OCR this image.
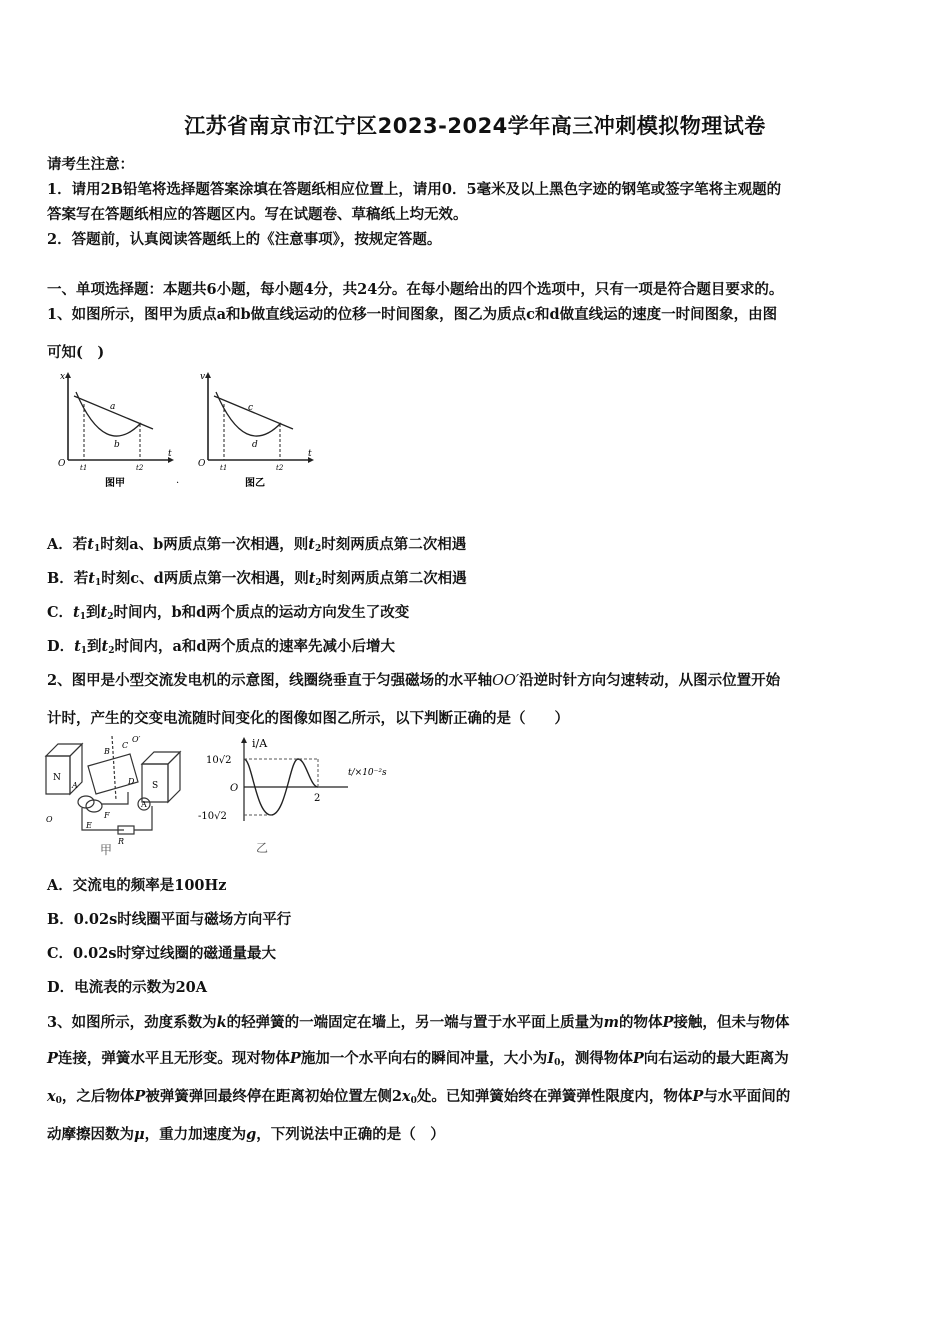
江苏省南京市江宁区2023-2024学年高三冲刺模拟物理试卷
请考生注意：
1．请用2B铅笔将选择题答案涂填在答题纸相应位置上，请用0．5毫米及以上黑色字迹的钢笔或签字笔将主观题的
答案写在答题纸相应的答题区内。写在试题卷、草稿纸上均无效。
2．答题前，认真阅读答题纸上的《注意事项》，按规定答题。
一、单项选择题：本题共6小题，每小题4分，共24分。在每小题给出的四个选项中，只有一项是符合题目要求的。
1、如图所示，图甲为质点a和b做直线运动的位移一时间图象，图乙为质点c和d做直线运的速度一时间图象，由图
可知(　)
x
t
O t1	t2
a
b
图甲
v
t
O t1	t2
c
d
图乙
·
A．若$t_1$时刻a、b两质点第一次相遇，则$t_2$时刻两质点第二次相遇
B．若$t_1$时刻c、d两质点第一次相遇，则$t_2$时刻两质点第二次相遇
C．$t_1$到$t_2$时间内，b和d两个质点的运动方向发生了改变
D．$t_1$到$t_2$时间内，a和d两个质点的速率先减小后增大
2、图甲是小型交流发电机的示意图，线圈绕垂直于匀强磁场的水平轴OO′沿逆时针方向匀速转动，从图示位置开始
计时，产生的交变电流随时间变化的图像如图乙所示，以下判断正确的是（　　）
A
N
S
B
C
O′
A	D
O
E
F
R
甲
i/A
10√2
-10√2
O
2
t/×10⁻²s
乙
A．交流电的频率是100Hz
B．0.02s时线圈平面与磁场方向平行
C．0.02s时穿过线圈的磁通量最大
D．电流表的示数为20A
3、如图所示，劲度系数为k的轻弹簧的一端固定在墙上，另一端与置于水平面上质量为m的物体P接触，但未与物体
P连接，弹簧水平且无形变。现对物体P施加一个水平向右的瞬间冲量，大小为$I_0$，测得物体P向右运动的最大距离为
$x_0$，之后物体P被弹簧弹回最终停在距离初始位置左侧$2x_0$处。已知弹簧始终在弹簧弹性限度内，物体P与水平面间的
动摩擦因数为μ，重力加速度为g，下列说法中正确的是（　）
